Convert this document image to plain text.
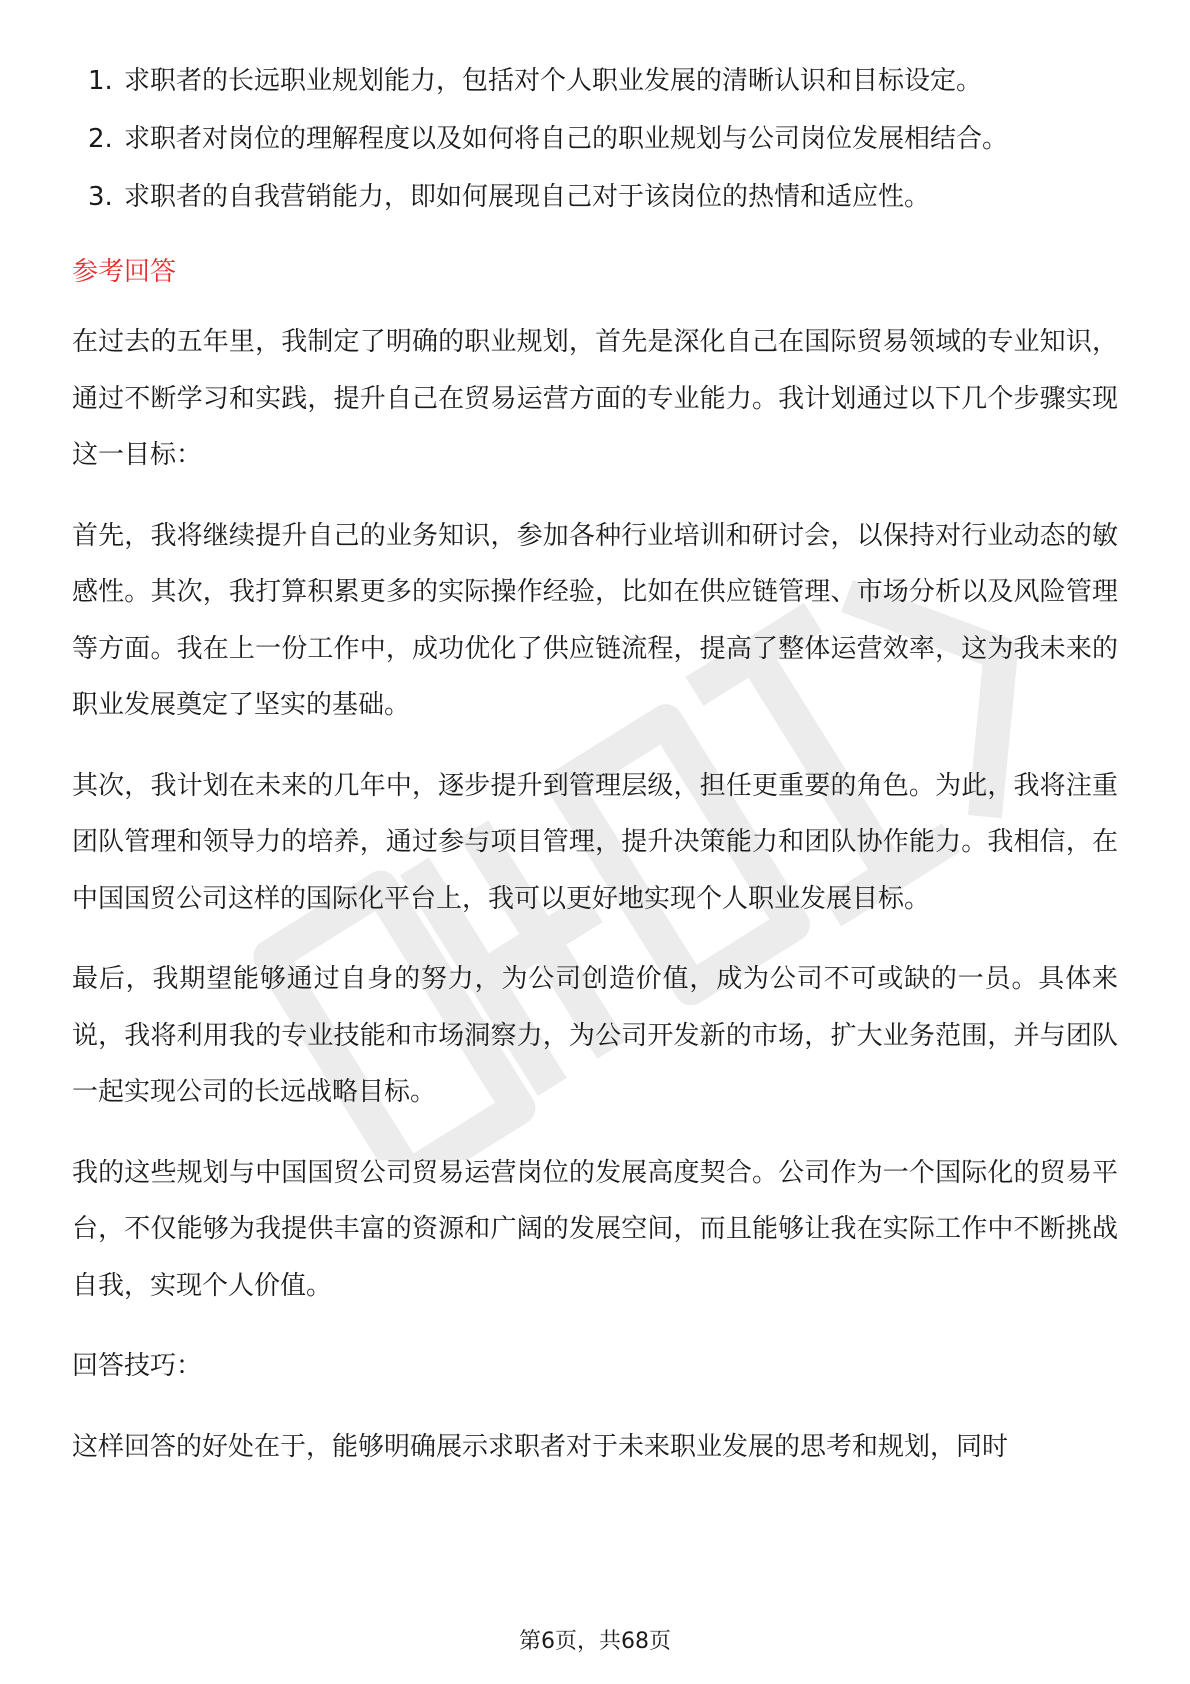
1. 求职者的长远职业规划能力，包括对个人职业发展的清晰认识和目标设定。
2. 求职者对岗位的理解程度以及如何将自己的职业规划与公司岗位发展相结合。
3. 求职者的自我营销能力，即如何展现自己对于该岗位的热情和适应性。
参考回答

在过去的五年里，我制定了明确的职业规划，首先是深化自己在国际贸易领域的专业知识，通过不断学习和实践，提升自己在贸易运营方面的专业能力。我计划通过以下几个步骤实现这一目标：

首先，我将继续提升自己的业务知识，参加各种行业培训和研讨会，以保持对行业动态的敏感性。其次，我打算积累更多的实际操作经验，比如在供应链管理、市场分析以及风险管理等方面。我在上一份工作中，成功优化了供应链流程，提高了整体运营效率，这为我未来的职业发展奠定了坚实的基础。

其次，我计划在未来的几年中，逐步提升到管理层级，担任更重要的角色。为此，我将注重团队管理和领导力的培养，通过参与项目管理，提升决策能力和团队协作能力。我相信，在中国国贸公司这样的国际化平台上，我可以更好地实现个人职业发展目标。

最后，我期望能够通过自身的努力，为公司创造价值，成为公司不可或缺的一员。具体来说，我将利用我的专业技能和市场洞察力，为公司开发新的市场，扩大业务范围，并与团队一起实现公司的长远战略目标。

我的这些规划与中国国贸公司贸易运营岗位的发展高度契合。公司作为一个国际化的贸易平台，不仅能够为我提供丰富的资源和广阔的发展空间，而且能够让我在实际工作中不断挑战自我，实现个人价值。

回答技巧：

这样回答的好处在于，能够明确展示求职者对于未来职业发展的思考和规划，同时

第6页，共68页
